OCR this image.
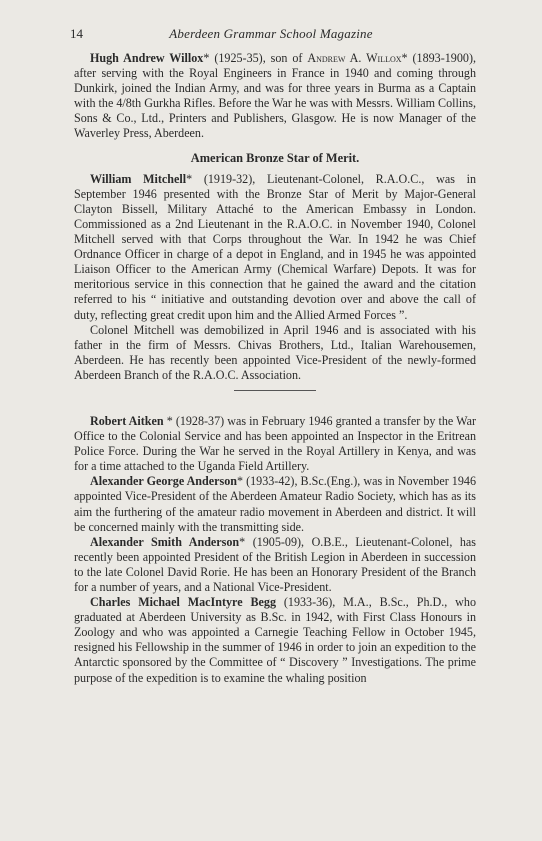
14	Aberdeen Grammar School Magazine

Hugh Andrew Willox* (1925-35), son of Andrew A. Willox* (1893-1900), after serving with the Royal Engineers in France in 1940 and coming through Dunkirk, joined the Indian Army, and was for three years in Burma as a Captain with the 4/8th Gurkha Rifles. Before the War he was with Messrs. William Collins, Sons & Co., Ltd., Printers and Publishers, Glasgow. He is now Manager of the Waverley Press, Aberdeen.

American Bronze Star of Merit.

William Mitchell* (1919-32), Lieutenant-Colonel, R.A.O.C., was in September 1946 presented with the Bronze Star of Merit by Major-General Clayton Bissell, Military Attaché to the American Embassy in London. Commissioned as a 2nd Lieutenant in the R.A.O.C. in November 1940, Colonel Mitchell served with that Corps throughout the War. In 1942 he was Chief Ordnance Officer in charge of a depot in England, and in 1945 he was appointed Liaison Officer to the American Army (Chemical Warfare) Depots. It was for meritorious service in this connection that he gained the award and the citation referred to his “ initiative and outstanding devotion over and above the call of duty, reflecting great credit upon him and the Allied Armed Forces ”.

Colonel Mitchell was demobilized in April 1946 and is associated with his father in the firm of Messrs. Chivas Brothers, Ltd., Italian Warehousemen, Aberdeen. He has recently been appointed Vice-President of the newly-formed Aberdeen Branch of the R.A.O.C. Association.

Robert Aitken * (1928-37) was in February 1946 granted a transfer by the War Office to the Colonial Service and has been appointed an Inspector in the Eritrean Police Force. During the War he served in the Royal Artillery in Kenya, and was for a time attached to the Uganda Field Artillery.

Alexander George Anderson* (1933-42), B.Sc.(Eng.), was in November 1946 appointed Vice-President of the Aberdeen Amateur Radio Society, which has as its aim the furthering of the amateur radio movement in Aberdeen and district. It will be concerned mainly with the transmitting side.

Alexander Smith Anderson* (1905-09), O.B.E., Lieutenant-Colonel, has recently been appointed President of the British Legion in Aberdeen in succession to the late Colonel David Rorie. He has been an Honorary President of the Branch for a number of years, and a National Vice-President.

Charles Michael MacIntyre Begg (1933-36), M.A., B.Sc., Ph.D., who graduated at Aberdeen University as B.Sc. in 1942, with First Class Honours in Zoology and who was appointed a Carnegie Teaching Fellow in October 1945, resigned his Fellowship in the summer of 1946 in order to join an expedition to the Antarctic sponsored by the Committee of “ Discovery ” Investigations. The prime purpose of the expedition is to examine the whaling position
